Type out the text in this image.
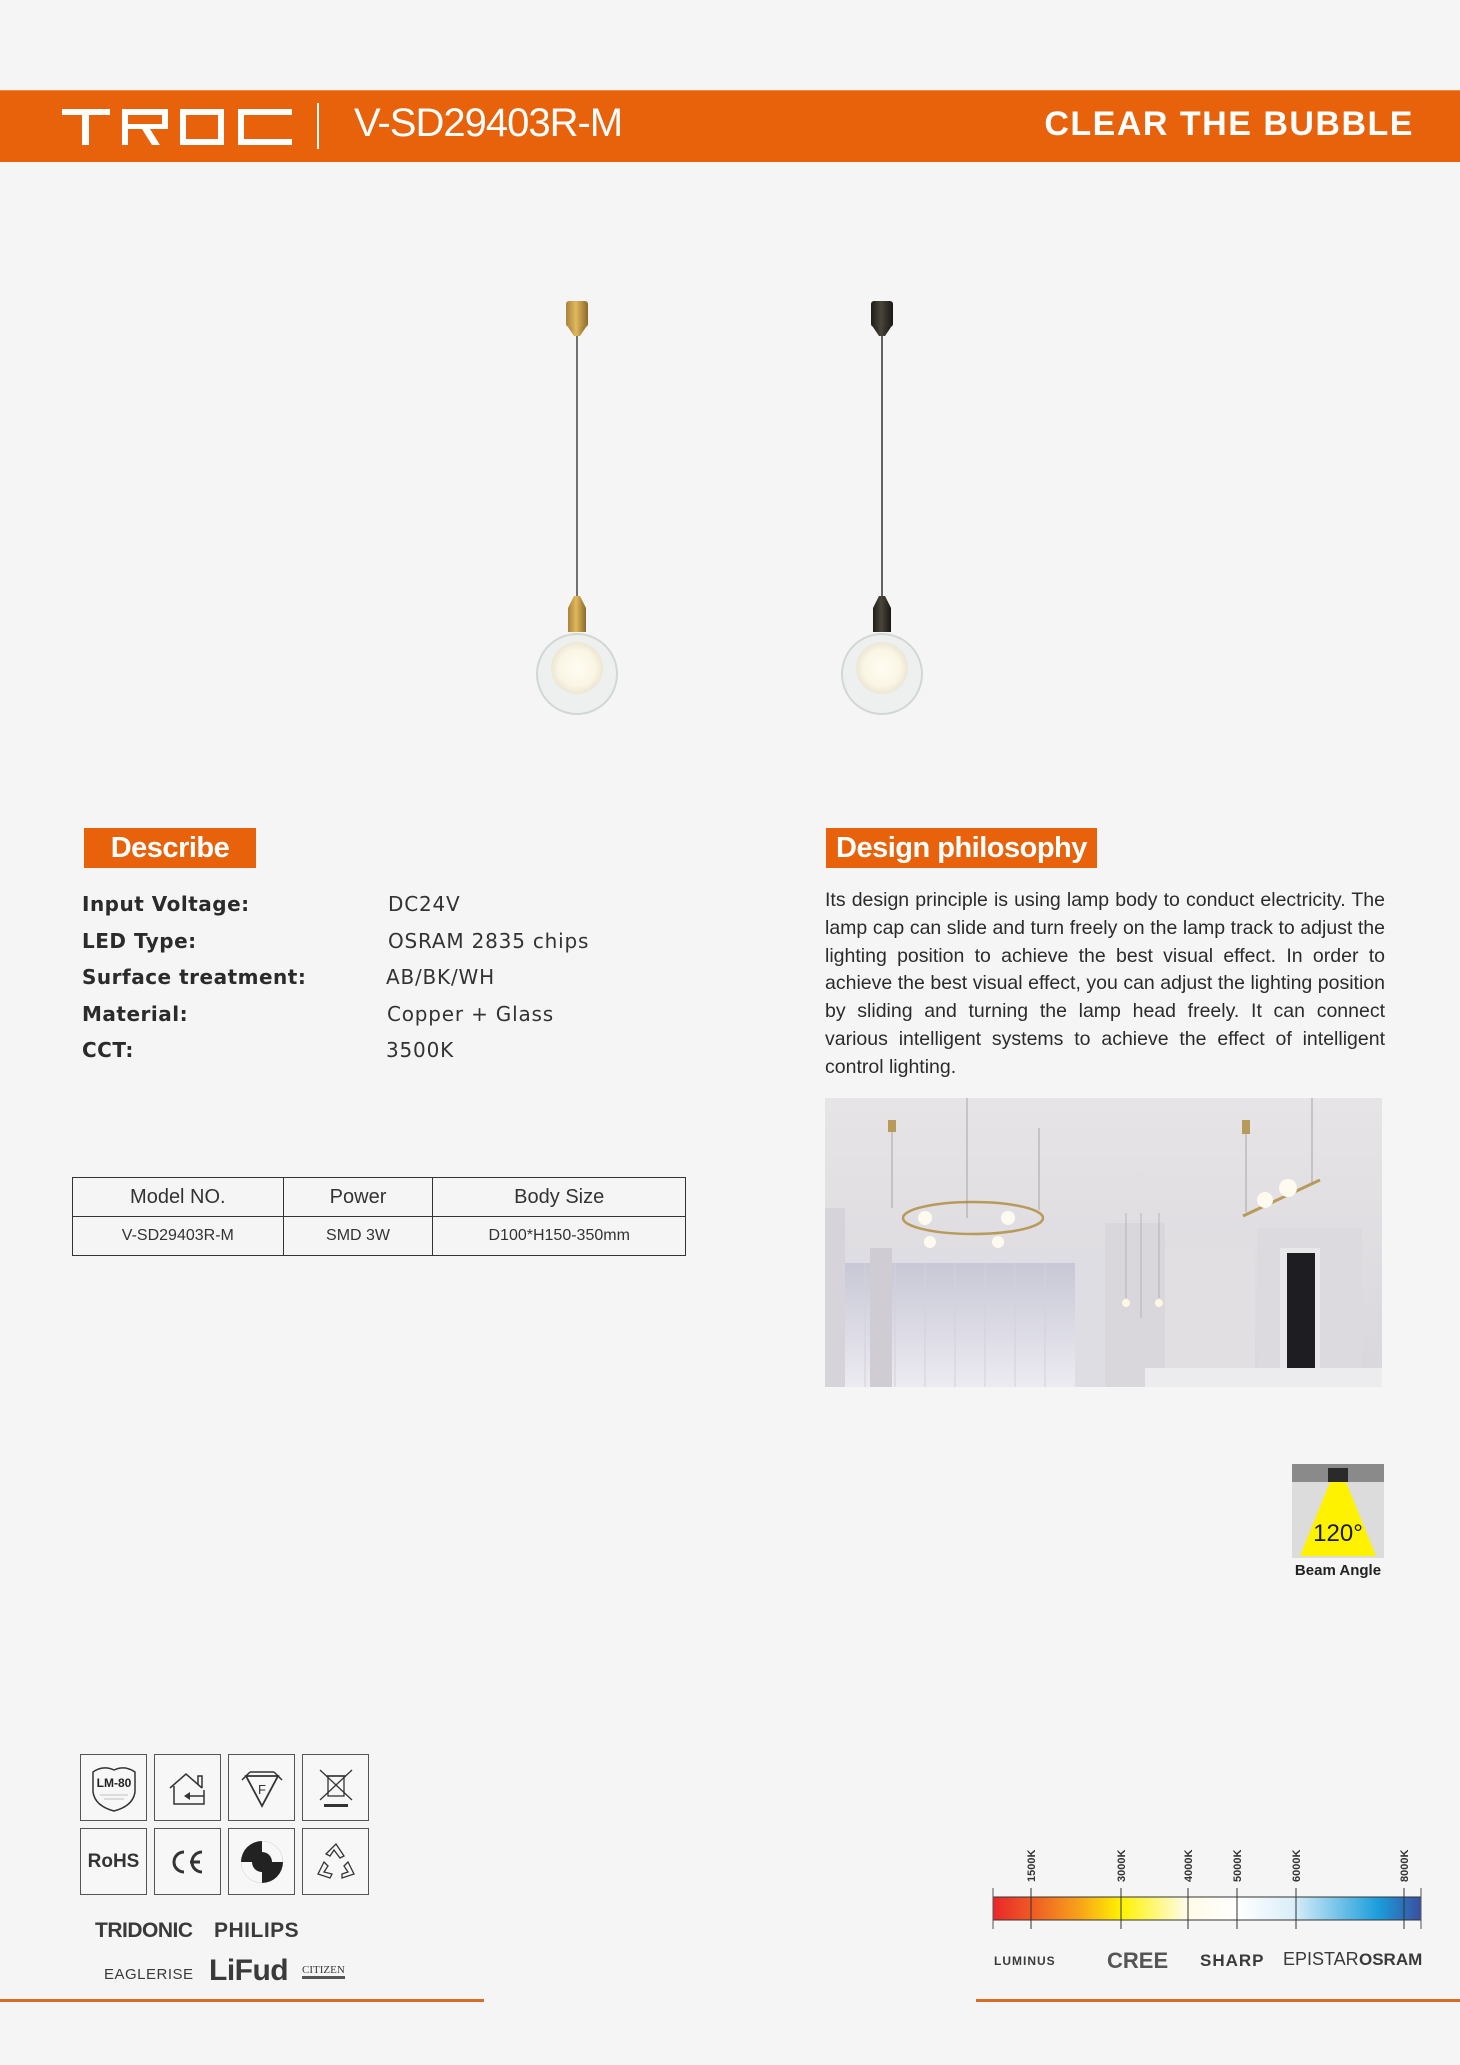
V-SD29403R-M	CLEAR THE BUBBLE
Describe
Input Voltage:	DC24V
LED Type:	OSRAM 2835 chips
Surface treatment:	AB/BK/WH
Material:	Copper + Glass
CCT:	3500K
Design philosophy

Its design principle is using lamp body to conduct electricity. The lamp cap can slide and turn freely on the lamp track to adjust the lighting position to achieve the best visual effect. In order to achieve the best visual effect, you can adjust the lighting position by sliding and turning the lamp head freely. It can connect various intelligent systems to achieve the effect of intelligent control lighting.

Model NO.	Power	Body Size
V-SD29403R-M	SMD 3W	D100*H150-350mm
120°
Beam Angle
LM-80	F
RoHS
TRIDONIC PHILIPS
EAGLERISE LiFud CITIZEN
1500K	3000K	4000K	5000K	6000K	8000K
LUMINUS CREE SHARP EPISTAR OSRAM
